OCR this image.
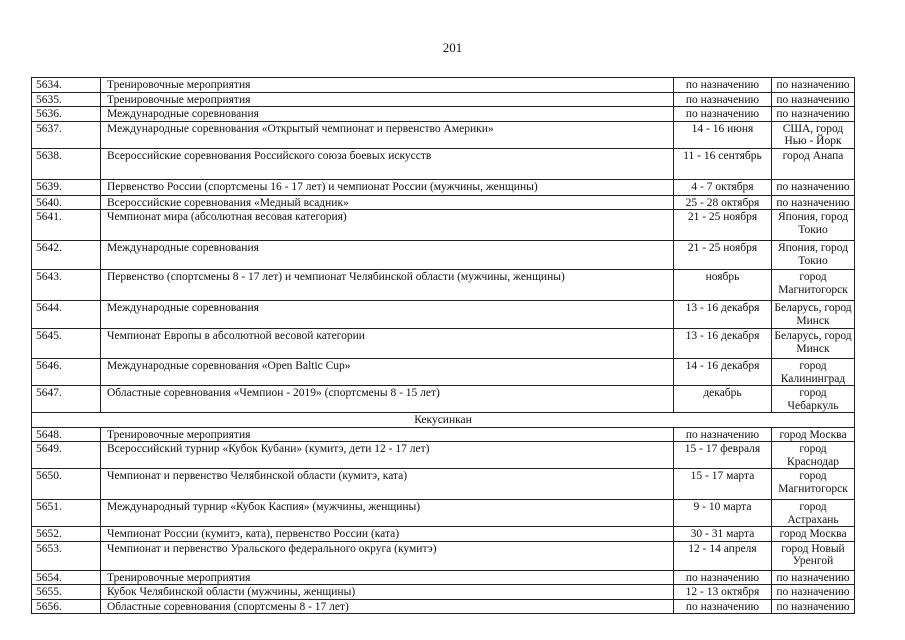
201
5634.	Тренировочные мероприятия	по назначению	по назначению
5635.	Тренировочные мероприятия	по назначению	по назначению
5636.	Международные соревнования	по назначению	по назначению
5637.	Международные соревнования «Открытый чемпионат и первенство Америки»	14 - 16 июня	США, город Нью - Йорк
5638.	Всероссийские соревнования Российского союза боевых искусств	11 - 16 сентябрь	город Анапа
5639.	Первенство России (спортсмены 16 - 17 лет) и чемпионат России (мужчины, женщины)	4 - 7 октября	по назначению
5640.	Всероссийские соревнования «Медный всадник»	25 - 28 октября	по назначению
5641.	Чемпионат мира (абсолютная весовая категория)	21 - 25 ноября	Япония, город Токио
5642.	Международные соревнования	21 - 25 ноября	Япония, город Токио
5643.	Первенство (спортсмены 8 - 17 лет) и чемпионат Челябинской области (мужчины, женщины)	ноябрь	город Магнитогорск
5644.	Международные соревнования	13 - 16 декабря	Беларусь, город Минск
5645.	Чемпионат Европы в абсолютной весовой категории	13 - 16 декабря	Беларусь, город Минск
5646.	Международные соревнования «Open Baltic Cup»	14 - 16 декабря	город Калининград
5647.	Областные соревнования «Чемпион - 2019» (спортсмены 8 - 15 лет)	декабрь	город Чебаркуль
Кекусинкан			
5648.	Тренировочные мероприятия	по назначению	город Москва
5649.	Всероссийский турнир «Кубок Кубани» (кумитэ, дети 12 - 17 лет)	15 - 17 февраля	город Краснодар
5650.	Чемпионат и первенство Челябинской области (кумитэ, ката)	15 - 17 марта	город Магнитогорск
5651.	Международный турнир «Кубок Каспия» (мужчины, женщины)	9 - 10 марта	город Астрахань
5652.	Чемпионат России (кумитэ, ката), первенство России (ката)	30 - 31 марта	город Москва
5653.	Чемпионат и первенство Уральского федерального округа (кумитэ)	12 - 14 апреля	город Новый Уренгой
5654.	Тренировочные мероприятия	по назначению	по назначению
5655.	Кубок Челябинской области (мужчины, женщины)	12 - 13 октября	по назначению
5656.	Областные соревнования (спортсмены 8 - 17 лет)	по назначению	по назначению
